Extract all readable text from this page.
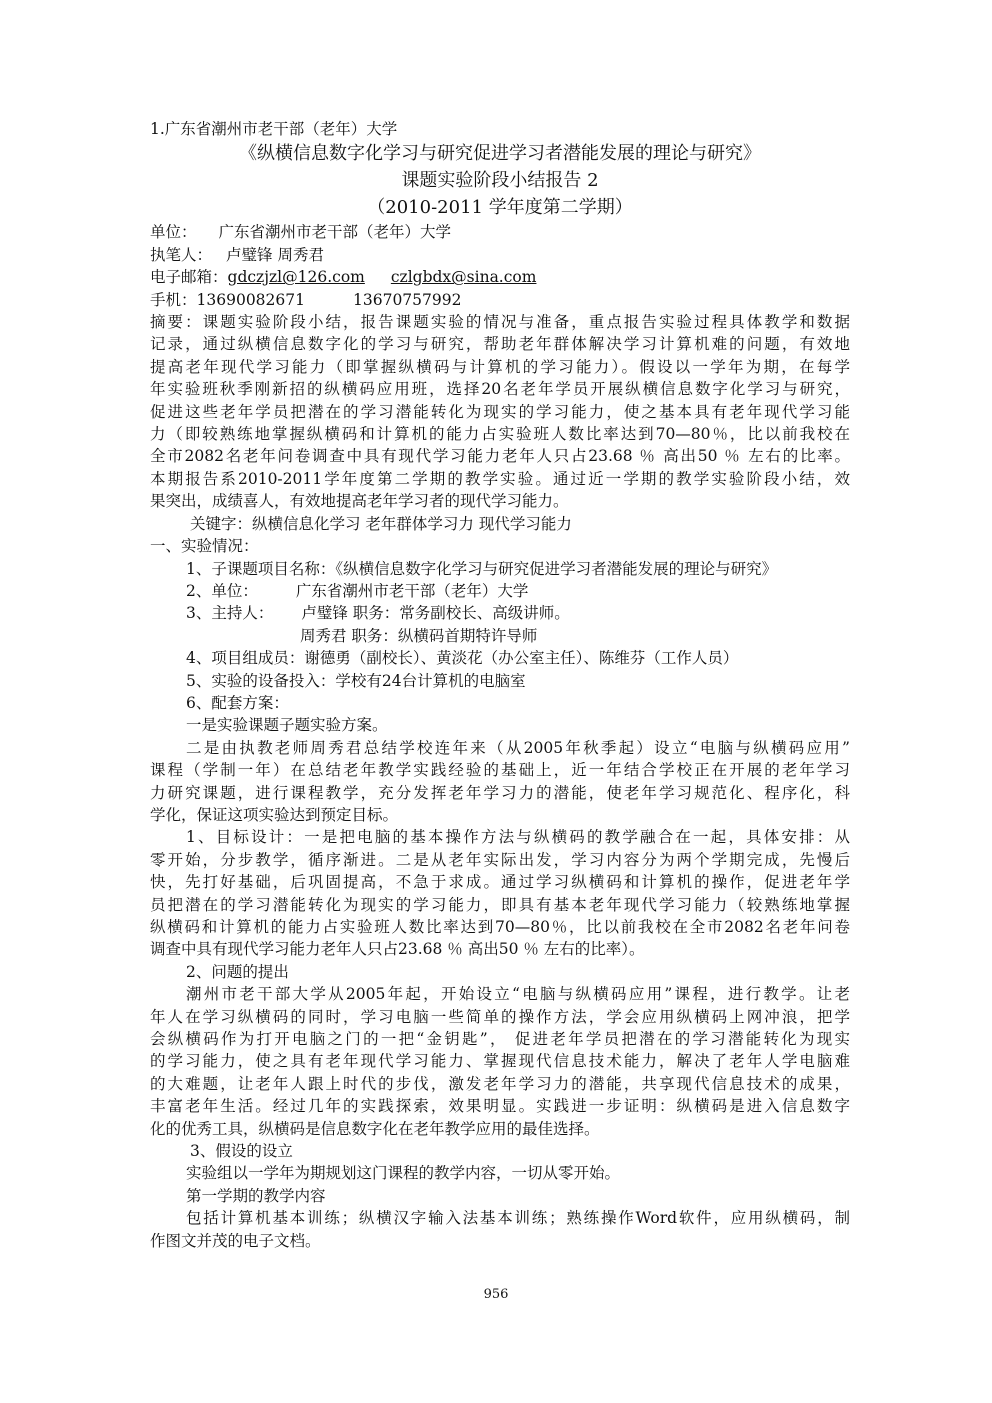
1.广东省潮州市老干部（老年）大学
《纵横信息数字化学习与研究促进学习者潜能发展的理论与研究》
课题实验阶段小结报告 2
（2010-2011 学年度第二学期）
单位： 广东省潮州市老干部（老年）大学
执笔人： 卢璧锋 周秀君
电子邮箱：gdczjzl@126.com czlgbdx@sina.com
手机：13690082671	13670757992
摘要：课题实验阶段小结，报告课题实验的情况与准备，重点报告实验过程具体教学和数据
记录，通过纵横信息数字化的学习与研究，帮助老年群体解决学习计算机难的问题，有效地
提高老年现代学习能力（即掌握纵横码与计算机的学习能力）。假设以一学年为期，在每学
年实验班秋季刚新招的纵横码应用班，选择20名老年学员开展纵横信息数字化学习与研究，
促进这些老年学员把潜在的学习潜能转化为现实的学习能力，使之基本具有老年现代学习能
力（即较熟练地掌握纵横码和计算机的能力占实验班人数比率达到70—80％，比以前我校在
全市2082名老年问卷调查中具有现代学习能力老年人只占23.68 ％ 高出50 ％ 左右的比率。
本期报告系2010-2011学年度第二学期的教学实验。通过近一学期的教学实验阶段小结，效
果突出，成绩喜人，有效地提高老年学习者的现代学习能力。
关键字：纵横信息化学习 老年群体学习力 现代学习能力
一、实验情况：
1、子课题项目名称：《纵横信息数字化学习与研究促进学习者潜能发展的理论与研究》
2、单位： 广东省潮州市老干部（老年）大学
3、主持人： 卢璧锋 职务：常务副校长、高级讲师。
周秀君 职务：纵横码首期特许导师
4、项目组成员：谢德勇（副校长）、黄淡花（办公室主任）、陈维芬（工作人员）
5、实验的设备投入：学校有24台计算机的电脑室
6、配套方案：
一是实验课题子题实验方案。
二是由执教老师周秀君总结学校连年来（从2005年秋季起）设立“电脑与纵横码应用”
课程（学制一年）在总结老年教学实践经验的基础上，近一年结合学校正在开展的老年学习
力研究课题，进行课程教学，充分发挥老年学习力的潜能，使老年学习规范化、程序化，科
学化，保证这项实验达到预定目标。
1、目标设计：一是把电脑的基本操作方法与纵横码的教学融合在一起，具体安排：从
零开始，分步教学，循序渐进。二是从老年实际出发，学习内容分为两个学期完成，先慢后
快，先打好基础，后巩固提高，不急于求成。通过学习纵横码和计算机的操作，促进老年学
员把潜在的学习潜能转化为现实的学习能力，即具有基本老年现代学习能力（较熟练地掌握
纵横码和计算机的能力占实验班人数比率达到70—80％，比以前我校在全市2082名老年问卷
调查中具有现代学习能力老年人只占23.68 ％ 高出50 ％ 左右的比率）。
2、问题的提出
潮州市老干部大学从2005年起，开始设立“电脑与纵横码应用”课程，进行教学。让老
年人在学习纵横码的同时，学习电脑一些简单的操作方法，学会应用纵横码上网冲浪，把学
会纵横码作为打开电脑之门的一把“金钥匙”， 促进老年学员把潜在的学习潜能转化为现实
的学习能力，使之具有老年现代学习能力、掌握现代信息技术能力，解决了老年人学电脑难
的大难题，让老年人跟上时代的步伐，激发老年学习力的潜能，共享现代信息技术的成果，
丰富老年生活。经过几年的实践探索，效果明显。实践进一步证明：纵横码是进入信息数字
化的优秀工具，纵横码是信息数字化在老年教学应用的最佳选择。
3、假设的设立
实验组以一学年为期规划这门课程的教学内容，一切从零开始。
第一学期的教学内容
包括计算机基本训练；纵横汉字输入法基本训练；熟练操作Word软件，应用纵横码，制
作图文并茂的电子文档。
956
